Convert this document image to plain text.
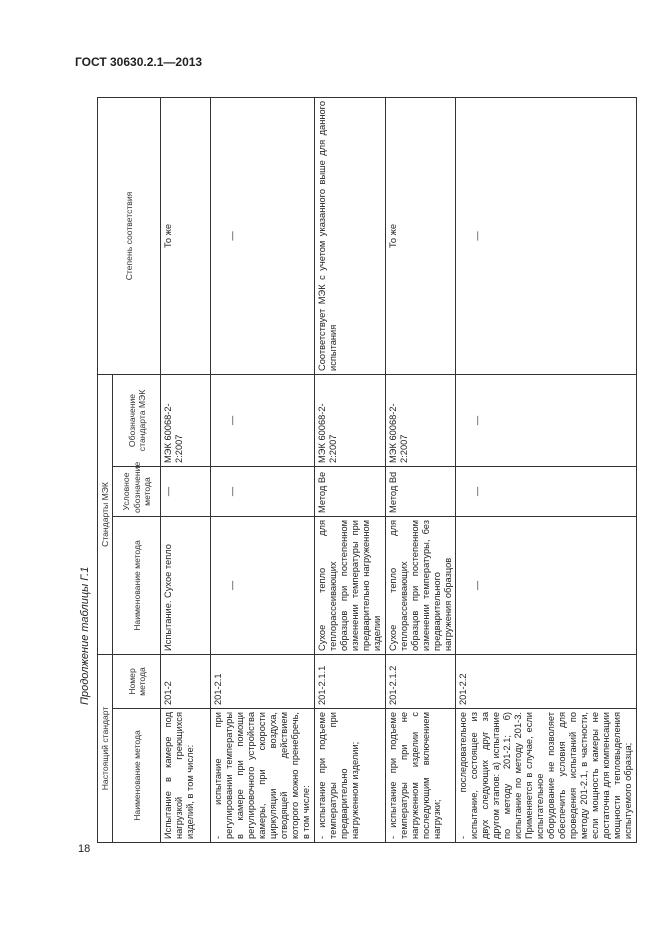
ГОСТ 30630.2.1—2013
Продолжение таблицы Г.1
18
Настоящий стандарт		Стандарты МЭК			Степень соответствия
Наименование метода	Номер метода	Наименование метода	Условное обозначение метода	Обозначение стандарта МЭК	
Испытание в камере под нагрузкой греющихся изделий, в том числе:	201-2	Испытание. Сухое тепло	—	МЭК 60068-2-2:2007	То же
- испытание при регулировании температуры в камере при помощи регулировочного устройства камеры, при скорости циркуляции воздуха, отводящей действием которого можно пренебречь, в том числе:	201-2.1	—	—	—	—

- испытание при подъеме температуры при предварительно нагруженном изделии;	201-2.1.1	Сухое тепло для теплорассеивающих образцов при постепенном изменении температуры при предварительно нагруженном изделии	Метод Be	МЭК 60068-2-2:2007	Соответствует МЭК с учетом указанного выше для данного испытания
- испытание при подъеме температуры при не нагруженном изделии с последующим включением нагрузки;	201-2.1.2	Сухое тепло для теплорассеивающих образцов при постепенном изменении температуры, без предварительного нагружения образцов	Метод Bd	МЭК 60068-2-2:2007	То же
- последовательное испытание, состоящее из двух следующих друг за другом этапов: а) испытание по методу 201-2.1; б) испытание по методу 201-3. Применяется в случае, если испытательное оборудование не позволяет обеспечить условия для проведения испытаний по методу 201-2.1, в частности, если мощность камеры не достаточна для компенсации мощности тепловыделения испытуемого образца;	201-2.2	—	—	—	—
